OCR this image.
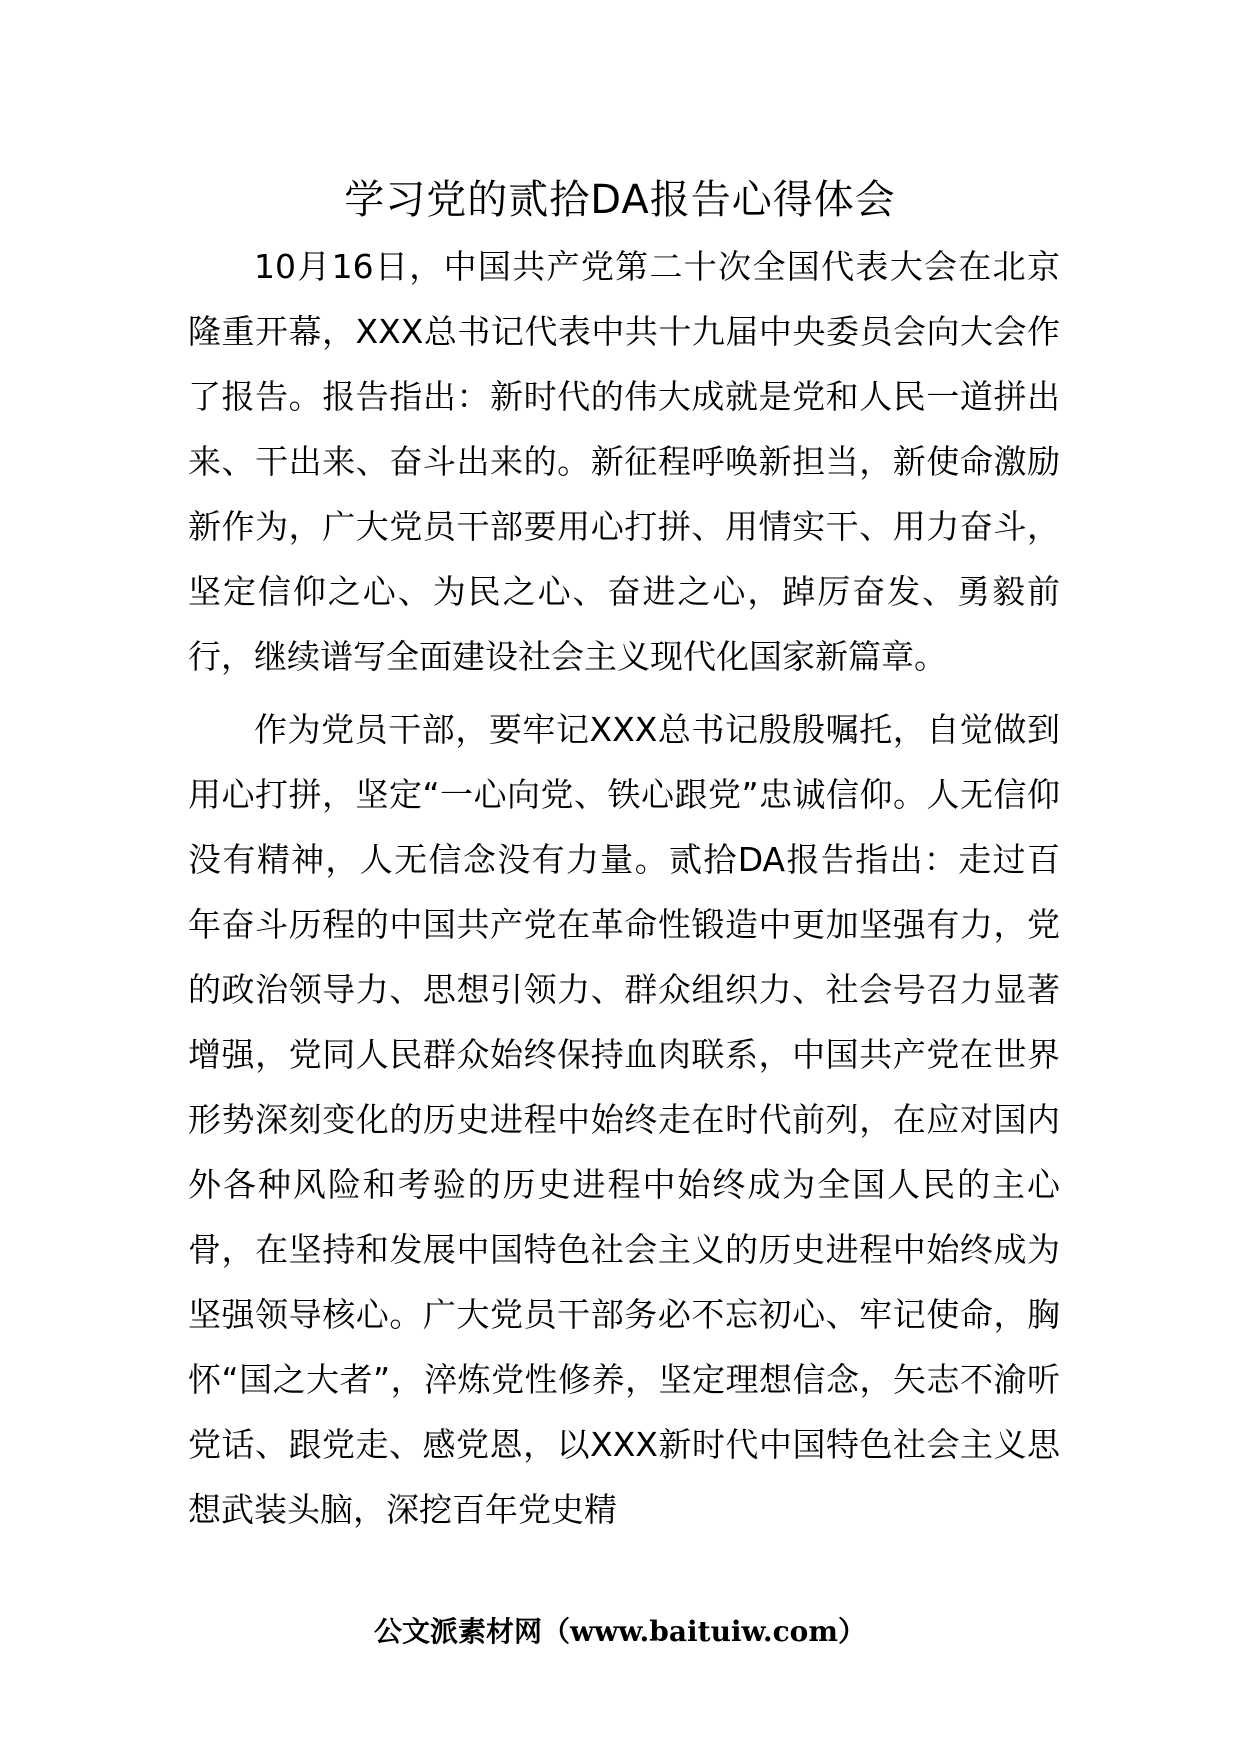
学习党的贰拾DA报告心得体会

10月16日，中国共产党第二十次全国代表大会在北京隆重开幕，XXX总书记代表中共十九届中央委员会向大会作了报告。报告指出：新时代的伟大成就是党和人民一道拼出来、干出来、奋斗出来的。新征程呼唤新担当，新使命激励新作为，广大党员干部要用心打拼、用情实干、用力奋斗，坚定信仰之心、为民之心、奋进之心，踔厉奋发、勇毅前行，继续谱写全面建设社会主义现代化国家新篇章。

作为党员干部，要牢记XXX总书记殷殷嘱托，自觉做到用心打拼，坚定“一心向党、铁心跟党”忠诚信仰。人无信仰没有精神，人无信念没有力量。贰拾DA报告指出：走过百年奋斗历程的中国共产党在革命性锻造中更加坚强有力，党的政治领导力、思想引领力、群众组织力、社会号召力显著增强，党同人民群众始终保持血肉联系，中国共产党在世界形势深刻变化的历史进程中始终走在时代前列，在应对国内外各种风险和考验的历史进程中始终成为全国人民的主心骨，在坚持和发展中国特色社会主义的历史进程中始终成为坚强领导核心。广大党员干部务必不忘初心、牢记使命，胸怀“国之大者”，淬炼党性修养，坚定理想信念，矢志不渝听党话、跟党走、感党恩，以XXX新时代中国特色社会主义思想武装头脑，深挖百年党史精

公文派素材网（www.baituiw.com）
